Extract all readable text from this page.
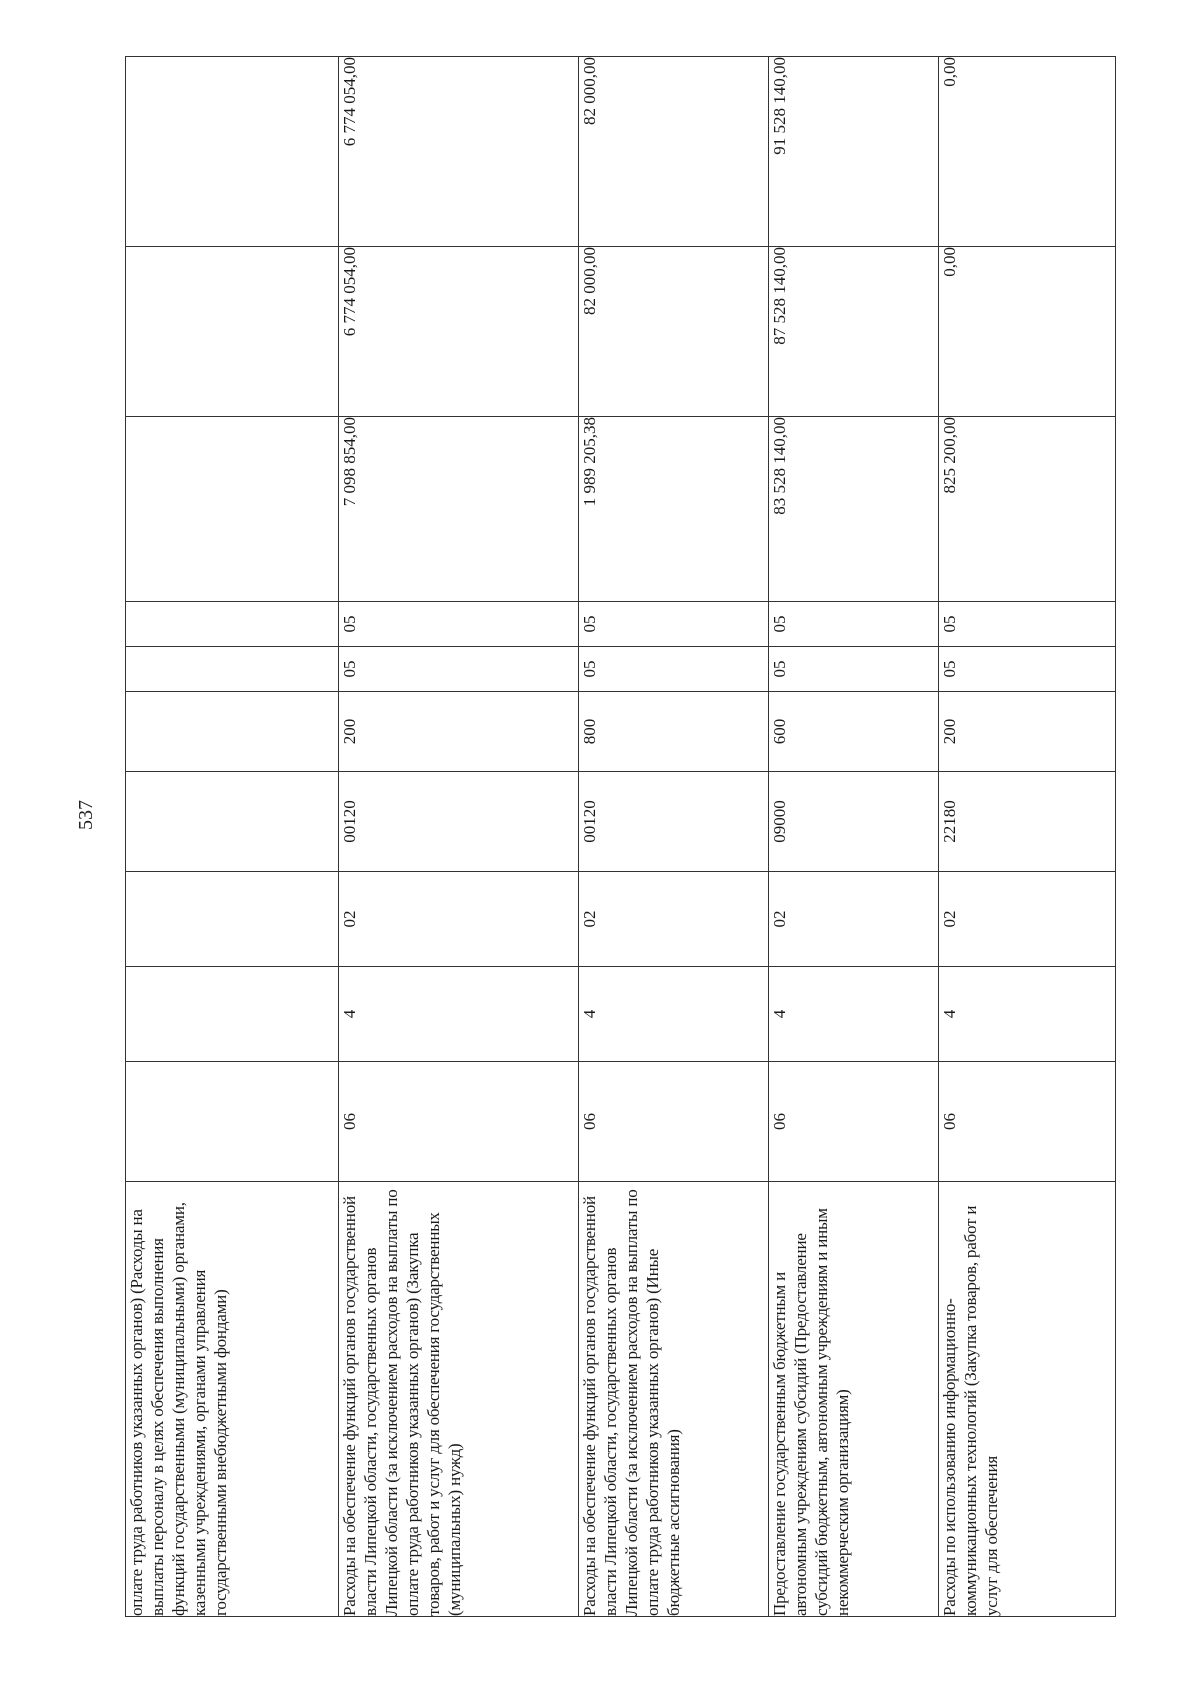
537
оплате труда работников указанных органов) (Расходы на выплаты персоналу в целях обеспечения выполнения функций государственными (муниципальными) органами, казенными учреждениями, органами управления государственными внебюджетными фондами)										
Расходы на обеспечение функций органов государственной власти Липецкой области, государственных органов Липецкой области (за исключением расходов на выплаты по оплате труда работников указанных органов) (Закупка товаров, работ и услуг для обеспечения государственных (муниципальных) нужд)	06	4	02	00120	200	05	05	7 098 854,00	6 774 054,00	6 774 054,00
Расходы на обеспечение функций органов государственной власти Липецкой области, государственных органов Липецкой области (за исключением расходов на выплаты по оплате труда работников указанных органов) (Иные бюджетные ассигнования)	06	4	02	00120	800	05	05	1 989 205,38	82 000,00	82 000,00
Предоставление государственным бюджетным и автономным учреждениям субсидий (Предоставление субсидий бюджетным, автономным учреждениям и иным некоммерческим организациям)	06	4	02	09000	600	05	05	83 528 140,00	87 528 140,00	91 528 140,00
Расходы по использованию информационно-коммуникационных технологий (Закупка товаров, работ и услуг для обеспечения	06	4	02	22180	200	05	05	825 200,00	0,00	0,00
